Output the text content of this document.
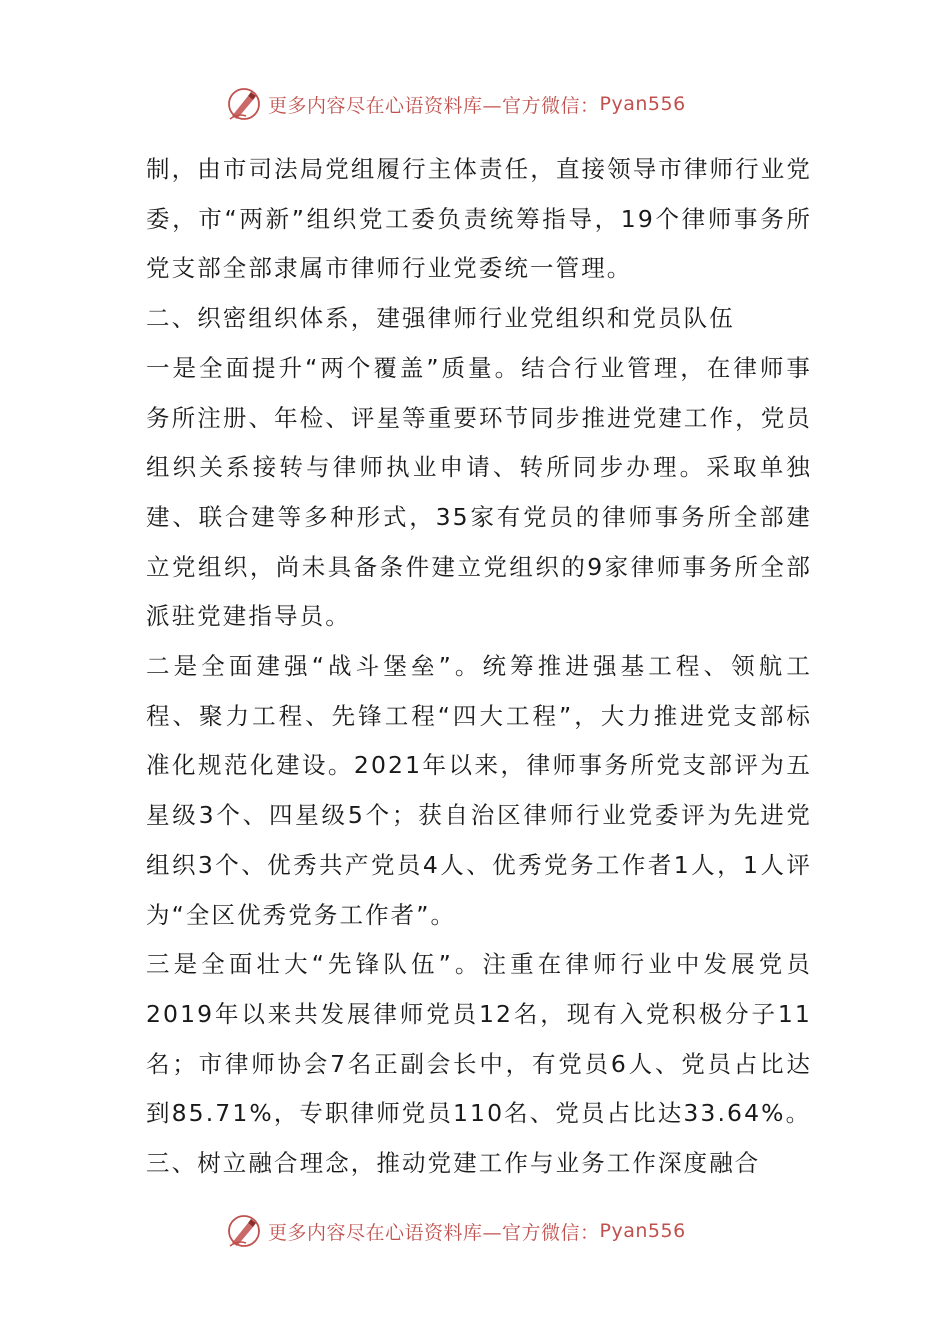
更多内容尽在心语资料库—官方微信： Pyan556

制，由市司法局党组履行主体责任，直接领导市律师行业党委，市“两新”组织党工委负责统筹指导，19个律师事务所党支部全部隶属市律师行业党委统一管理。

二、织密组织体系，建强律师行业党组织和党员队伍

一是全面提升“两个覆盖”质量。结合行业管理，在律师事务所注册、年检、评星等重要环节同步推进党建工作，党员组织关系接转与律师执业申请、转所同步办理。采取单独建、联合建等多种形式，35家有党员的律师事务所全部建立党组织，尚未具备条件建立党组织的9家律师事务所全部派驻党建指导员。

二是全面建强“战斗堡垒”。统筹推进强基工程、领航工程、聚力工程、先锋工程“四大工程”，大力推进党支部标准化规范化建设。2021年以来，律师事务所党支部评为五星级3个、四星级5个；获自治区律师行业党委评为先进党组织3个、优秀共产党员4人、优秀党务工作者1人，1人评为“全区优秀党务工作者”。

三是全面壮大“先锋队伍”。注重在律师行业中发展党员2019年以来共发展律师党员12名，现有入党积极分子11名；市律师协会7名正副会长中，有党员6人、党员占比达到85.71%，专职律师党员110名、党员占比达33.64%。

三、树立融合理念，推动党建工作与业务工作深度融合

更多内容尽在心语资料库—官方微信： Pyan556
